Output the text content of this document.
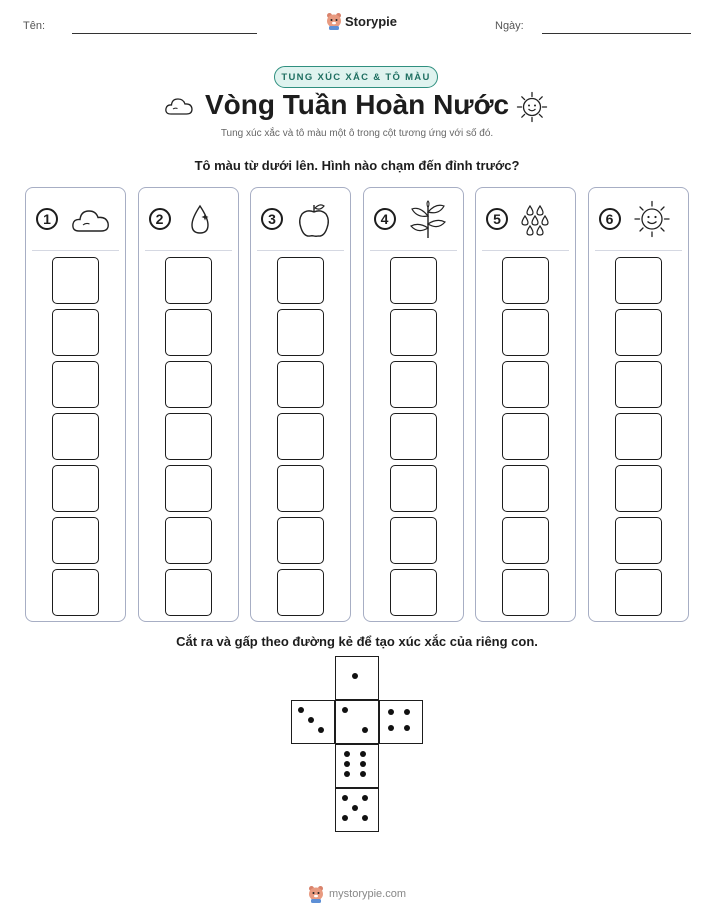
Tên:	Storypie	Ngày:
TUNG XÚC XẮC & TÔ MÀU
Vòng Tuần Hoàn Nước
Tung xúc xắc và tô màu một ô trong cột tương ứng với số đó.
Tô màu từ dưới lên. Hình nào chạm đến đỉnh trước?
1	2	3	4	5	6
Cắt ra và gấp theo đường kẻ để tạo xúc xắc của riêng con.
mystorypie.com
